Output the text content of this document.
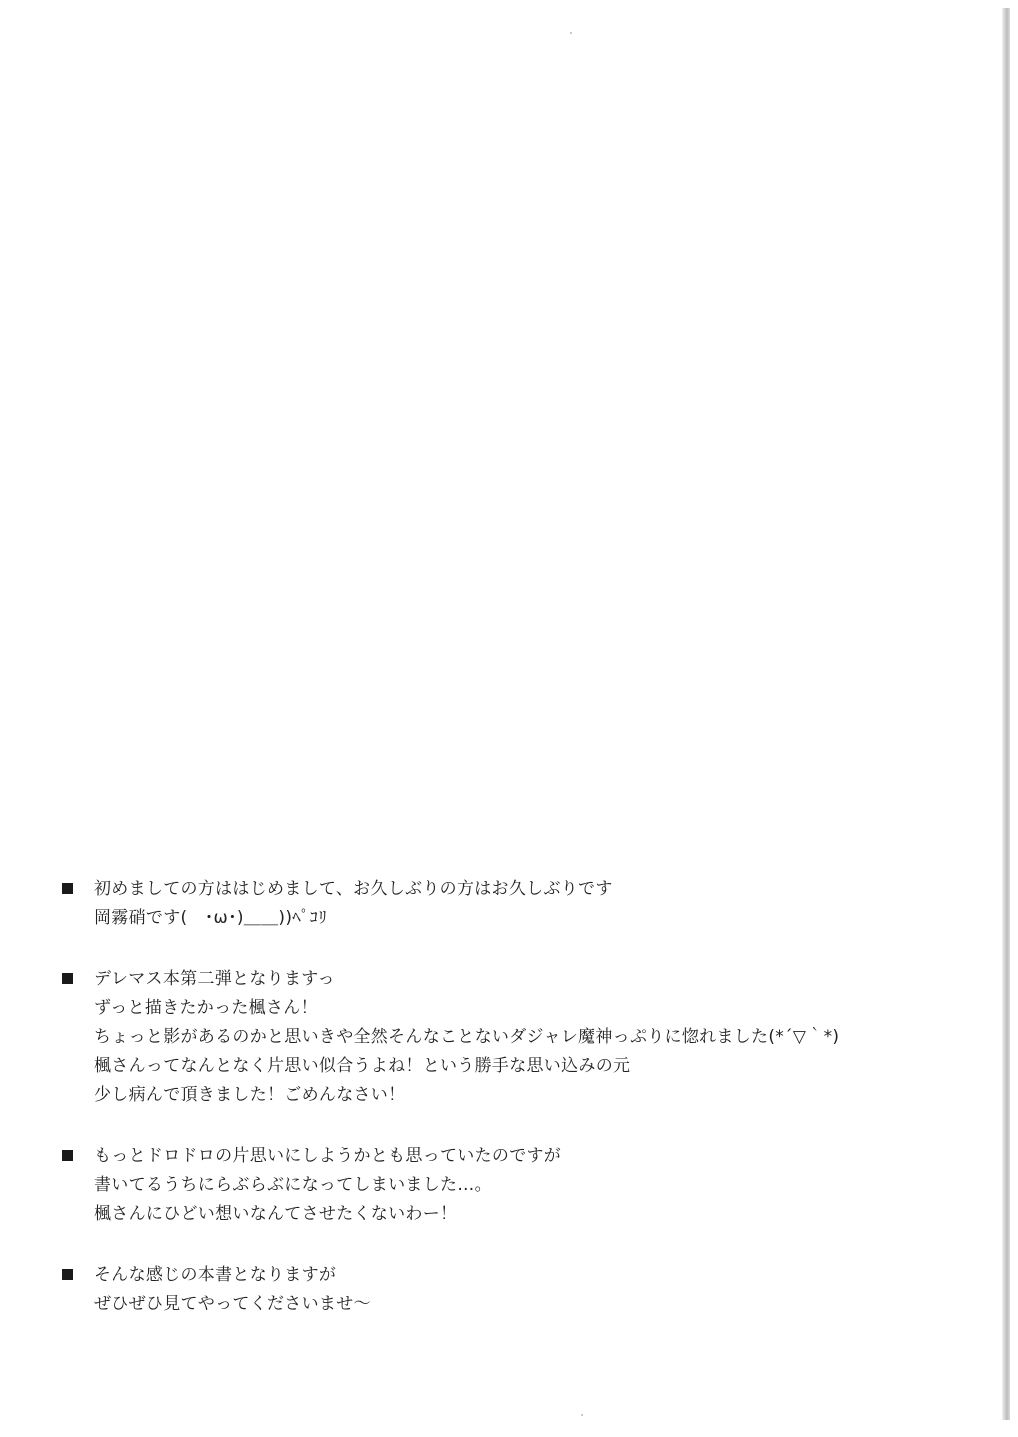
初めましての方ははじめまして、お久しぶりの方はお久しぶりです
岡霧硝です(　･ω･)＿＿))ﾍﾟｺﾘ
デレマス本第二弾となりますっ
ずっと描きたかった楓さん！
ちょっと影があるのかと思いきや全然そんなことないダジャレ魔神っぷりに惚れました(*´▽｀*)
楓さんってなんとなく片思い似合うよね！という勝手な思い込みの元
少し病んで頂きました！ごめんなさい！
もっとドロドロの片思いにしようかとも思っていたのですが
書いてるうちにらぶらぶになってしまいました…。
楓さんにひどい想いなんてさせたくないわー！
そんな感じの本書となりますが
ぜひぜひ見てやってくださいませ～
